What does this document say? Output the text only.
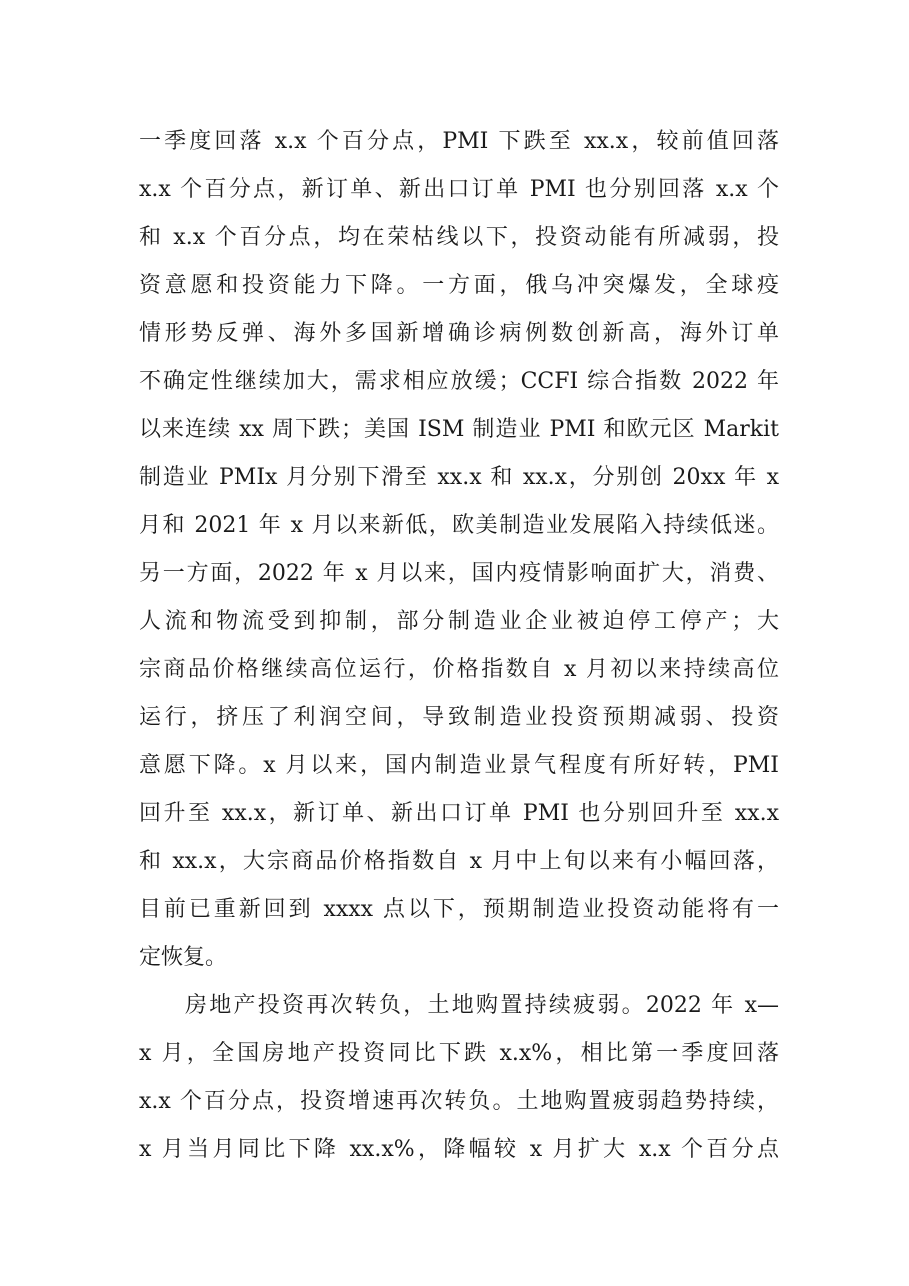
一季度回落 x.x 个百分点，PMI 下跌至 xx.x，较前值回落
x.x 个百分点，新订单、新出口订单 PMI 也分别回落 x.x 个
和 x.x 个百分点，均在荣枯线以下，投资动能有所减弱，投
资意愿和投资能力下降。一方面，俄乌冲突爆发，全球疫
情形势反弹、海外多国新增确诊病例数创新高，海外订单
不确定性继续加大，需求相应放缓；CCFI 综合指数 2022 年
以来连续 xx 周下跌；美国 ISM 制造业 PMI 和欧元区 Markit
制造业 PMIx 月分别下滑至 xx.x 和 xx.x，分别创 20xx 年 x
月和 2021 年 x 月以来新低，欧美制造业发展陷入持续低迷。
另一方面，2022 年 x 月以来，国内疫情影响面扩大，消费、
人流和物流受到抑制，部分制造业企业被迫停工停产；大
宗商品价格继续高位运行，价格指数自 x 月初以来持续高位
运行，挤压了利润空间，导致制造业投资预期减弱、投资
意愿下降。x 月以来，国内制造业景气程度有所好转，PMI
回升至 xx.x，新订单、新出口订单 PMI 也分别回升至 xx.x
和 xx.x，大宗商品价格指数自 x 月中上旬以来有小幅回落，
目前已重新回到 xxxx 点以下，预期制造业投资动能将有一
定恢复。
房地产投资再次转负，土地购置持续疲弱。2022 年 x—
x 月，全国房地产投资同比下跌 x.x%，相比第一季度回落
x.x 个百分点，投资增速再次转负。土地购置疲弱趋势持续，
x 月当月同比下降 xx.x%，降幅较 x 月扩大 x.x 个百分点
